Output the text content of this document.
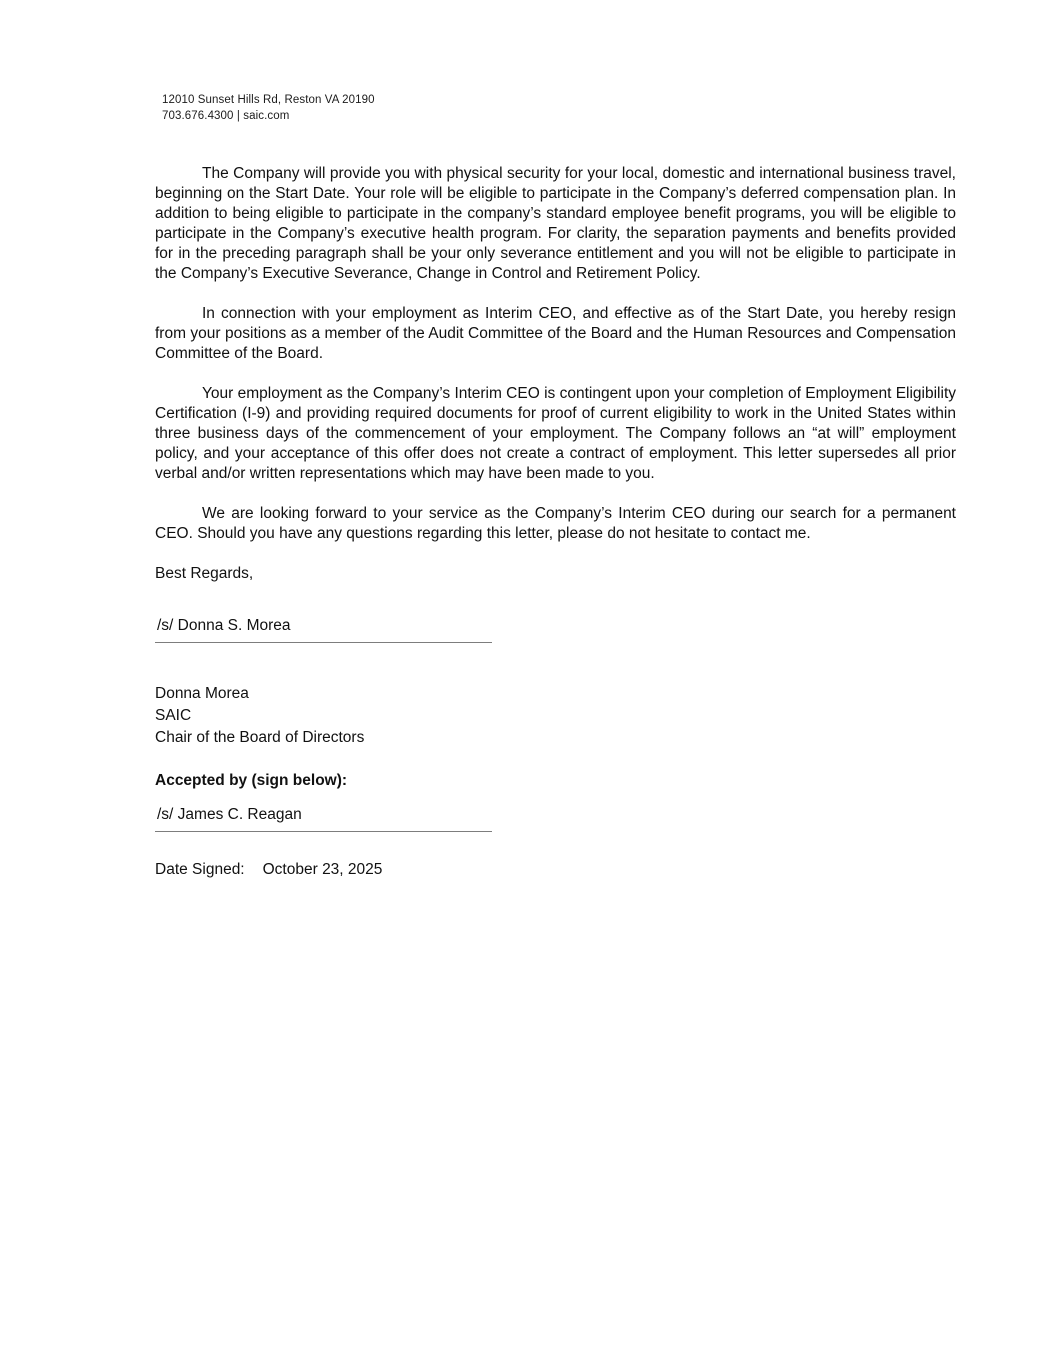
12010 Sunset Hills Rd, Reston VA 20190
703.676.4300 | saic.com

The Company will provide you with physical security for your local, domestic and international business travel, beginning on the Start Date. Your role will be eligible to participate in the Company’s deferred compensation plan. In addition to being eligible to participate in the company’s standard employee benefit programs, you will be eligible to participate in the Company’s executive health program. For clarity, the separation payments and benefits provided for in the preceding paragraph shall be your only severance entitlement and you will not be eligible to participate in the Company’s Executive Severance, Change in Control and Retirement Policy.

In connection with your employment as Interim CEO, and effective as of the Start Date, you hereby resign from your positions as a member of the Audit Committee of the Board and the Human Resources and Compensation Committee of the Board.

Your employment as the Company’s Interim CEO is contingent upon your completion of Employment Eligibility Certification (I-9) and providing required documents for proof of current eligibility to work in the United States within three business days of the commencement of your employment. The Company follows an “at will” employment policy, and your acceptance of this offer does not create a contract of employment. This letter supersedes all prior verbal and/or written representations which may have been made to you.

We are looking forward to your service as the Company’s Interim CEO during our search for a permanent CEO. Should you have any questions regarding this letter, please do not hesitate to contact me.

Best Regards,

/s/ Donna S. Morea
Donna Morea
SAIC
Chair of the Board of Directors

Accepted by (sign below):

/s/ James C. Reagan

Date Signed: October 23, 2025
